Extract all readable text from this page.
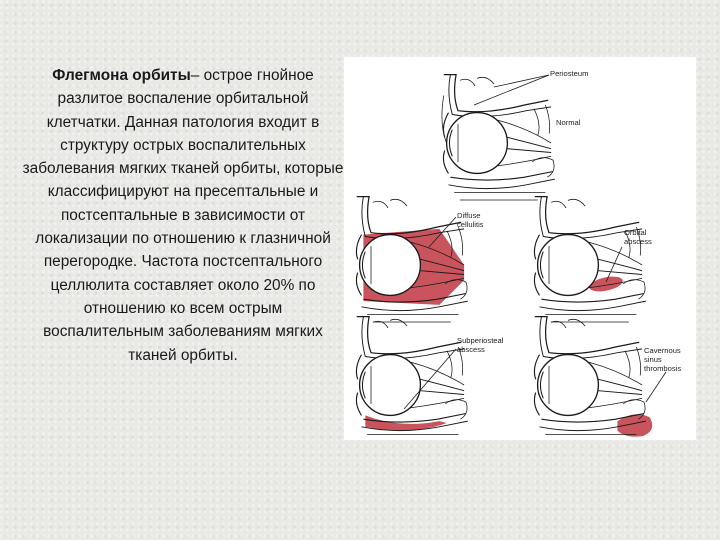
Флегмона орбиты– острое гнойное разлитое воспаление орбитальной клетчатки. Данная патология входит в структуру острых воспалительных заболевания мягких тканей орбиты, которые классифицируют на пресептальные и постсептальные в зависимости от локализации по отношению к глазничной перегородке. Частота постсептального целлюлита составляет около 20% по отношению ко всем острым воспалительным заболеваниям мягких тканей орбиты.
Periosteum
Normal
Diffuse
cellulitis
Orbital
abscess
Subperiosteal
abscess	Cavernous
sinus
thrombosis
